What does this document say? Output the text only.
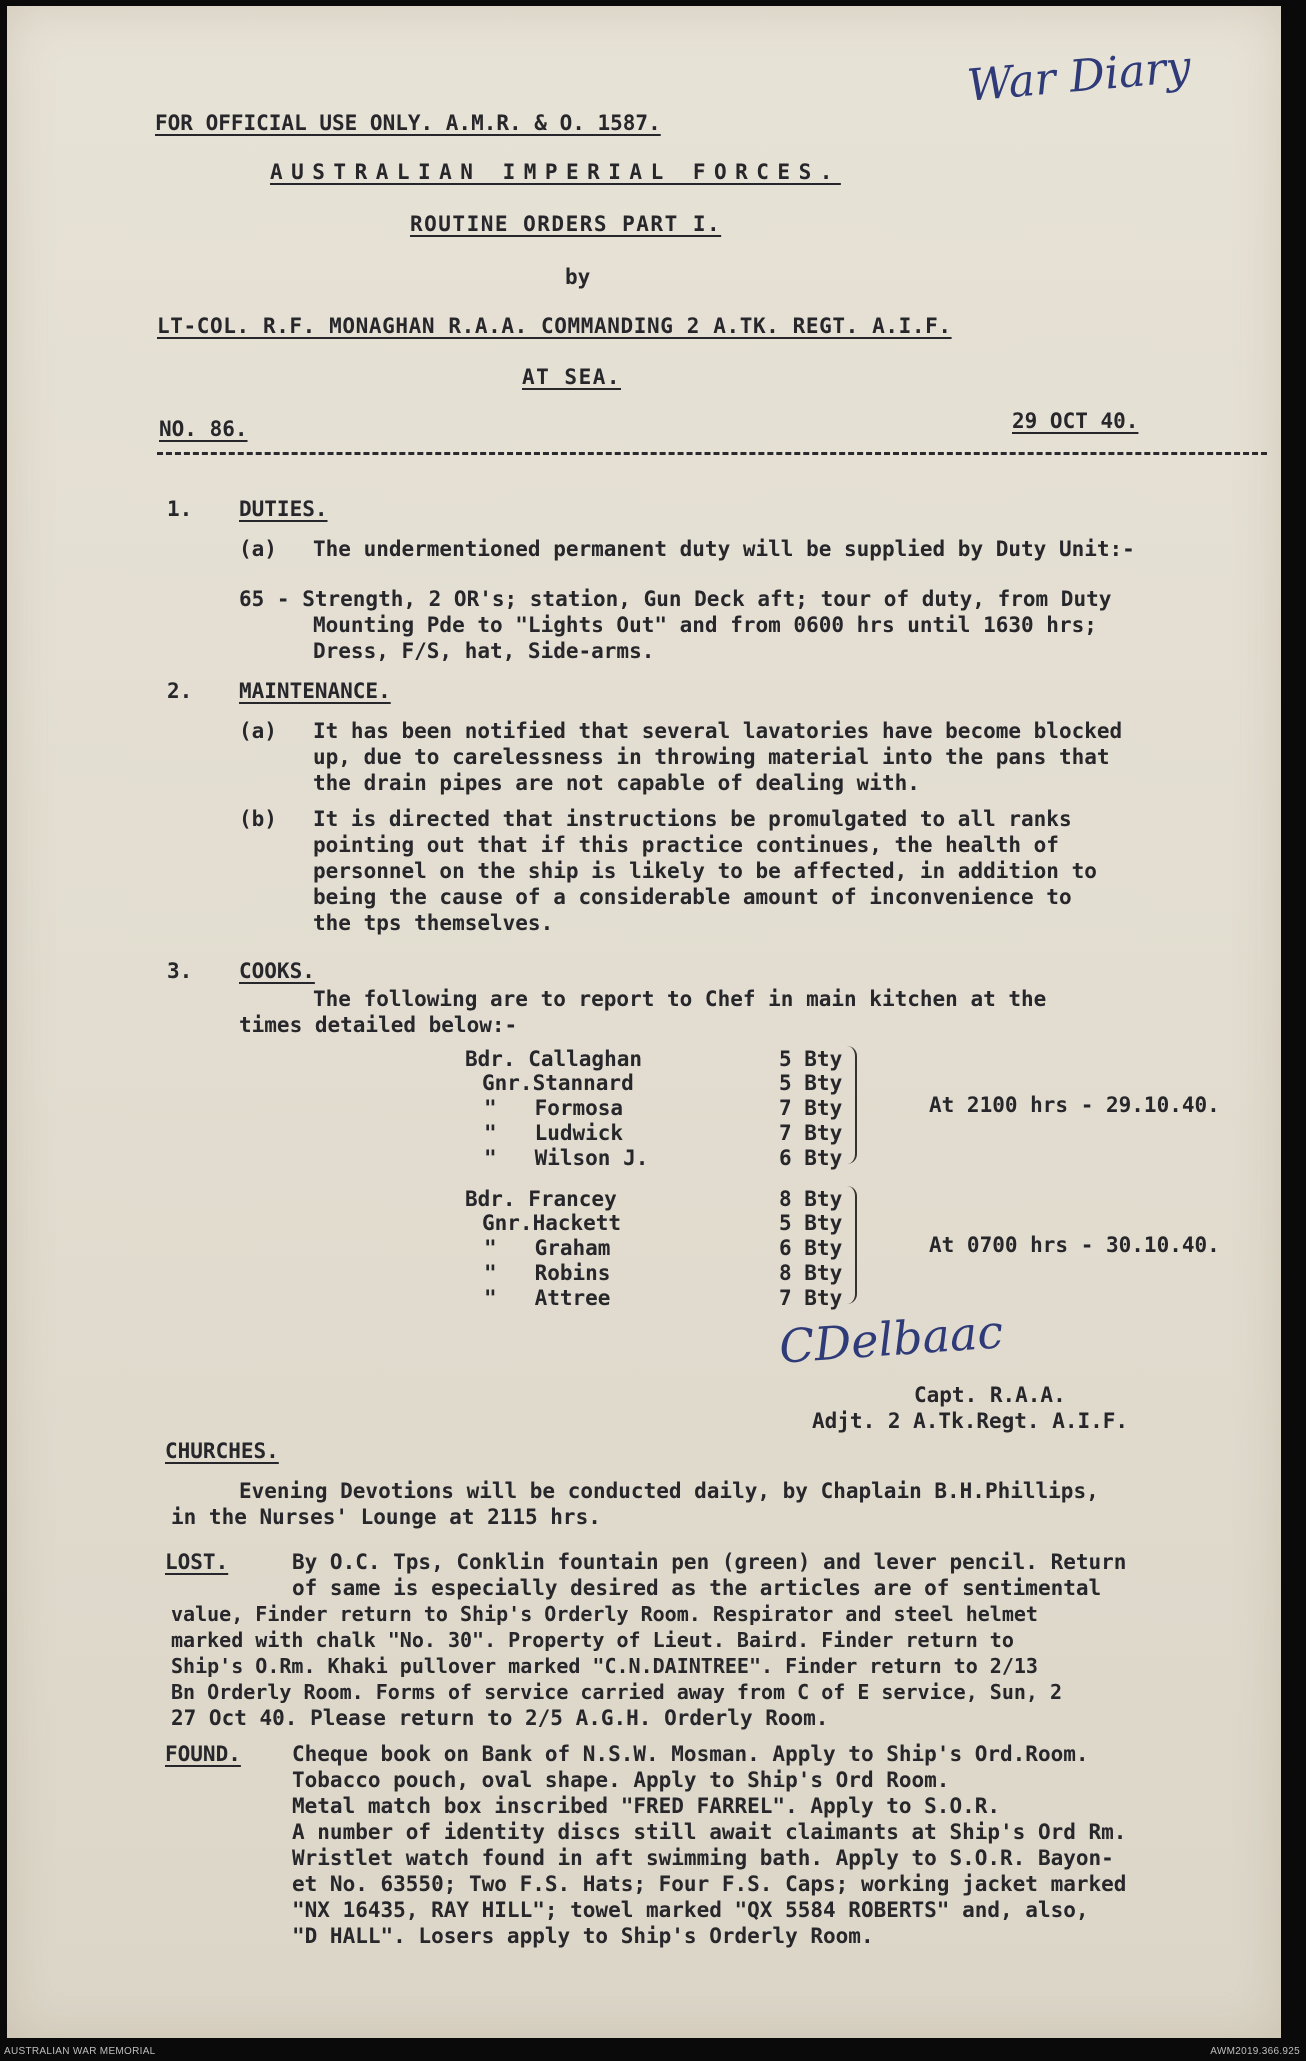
War Diary
FOR OFFICIAL USE ONLY. A.M.R. & O. 1587.
AUSTRALIAN IMPERIAL FORCES.
ROUTINE ORDERS PART I.
by
LT-COL. R.F. MONAGHAN R.A.A. COMMANDING 2 A.TK. REGT. A.I.F.
AT SEA.
NO. 86.	29 OCT 40.
1. DUTIES.
(a) The undermentioned permanent duty will be supplied by Duty Unit:-
65 - Strength, 2 OR's; station, Gun Deck aft; tour of duty, from Duty
Mounting Pde to "Lights Out" and from 0600 hrs until 1630 hrs;
Dress, F/S, hat, Side-arms.
2. MAINTENANCE.
(a) It has been notified that several lavatories have become blocked
up, due to carelessness in throwing material into the pans that
the drain pipes are not capable of dealing with.
(b) It is directed that instructions be promulgated to all ranks
pointing out that if this practice continues, the health of
personnel on the ship is likely to be affected, in addition to
being the cause of a considerable amount of inconvenience to
the tps themselves.
3. COOKS.
The following are to report to Chef in main kitchen at the
times detailed below:-
Bdr. Callaghan	5 Bty
Gnr.Stannard	5 Bty
"   Formosa	7 Bty
"   Ludwick	7 Bty
"   Wilson J.	6 Bty
At 2100 hrs - 29.10.40.
Bdr. Francey	8 Bty
Gnr.Hackett	5 Bty
"   Graham	6 Bty
"   Robins	8 Bty
"   Attree	7 Bty
At 0700 hrs - 30.10.40.
CDelbaac
Capt. R.A.A.
Adjt. 2 A.Tk.Regt. A.I.F.
CHURCHES.
Evening Devotions will be conducted daily, by Chaplain B.H.Phillips,
in the Nurses' Lounge at 2115 hrs.
LOST.	By O.C. Tps, Conklin fountain pen (green) and lever pencil. Return
of same is especially desired as the articles are of sentimental
value, Finder return to Ship's Orderly Room. Respirator and steel helmet
marked with chalk "No. 30". Property of Lieut. Baird. Finder return to
Ship's O.Rm. Khaki pullover marked "C.N.DAINTREE". Finder return to 2/13
Bn Orderly Room. Forms of service carried away from C of E service, Sun, 2
27 Oct 40. Please return to 2/5 A.G.H. Orderly Room.
FOUND. Cheque book on Bank of N.S.W. Mosman. Apply to Ship's Ord.Room.
Tobacco pouch, oval shape. Apply to Ship's Ord Room.
Metal match box inscribed "FRED FARREL". Apply to S.O.R.
A number of identity discs still await claimants at Ship's Ord Rm.
Wristlet watch found in aft swimming bath. Apply to S.O.R. Bayon-
et No. 63550; Two F.S. Hats; Four F.S. Caps; working jacket marked
"NX 16435, RAY HILL"; towel marked "QX 5584 ROBERTS" and, also,
"D HALL". Losers apply to Ship's Orderly Room.
AUSTRALIAN WAR MEMORIAL	AWM2019.366.925
